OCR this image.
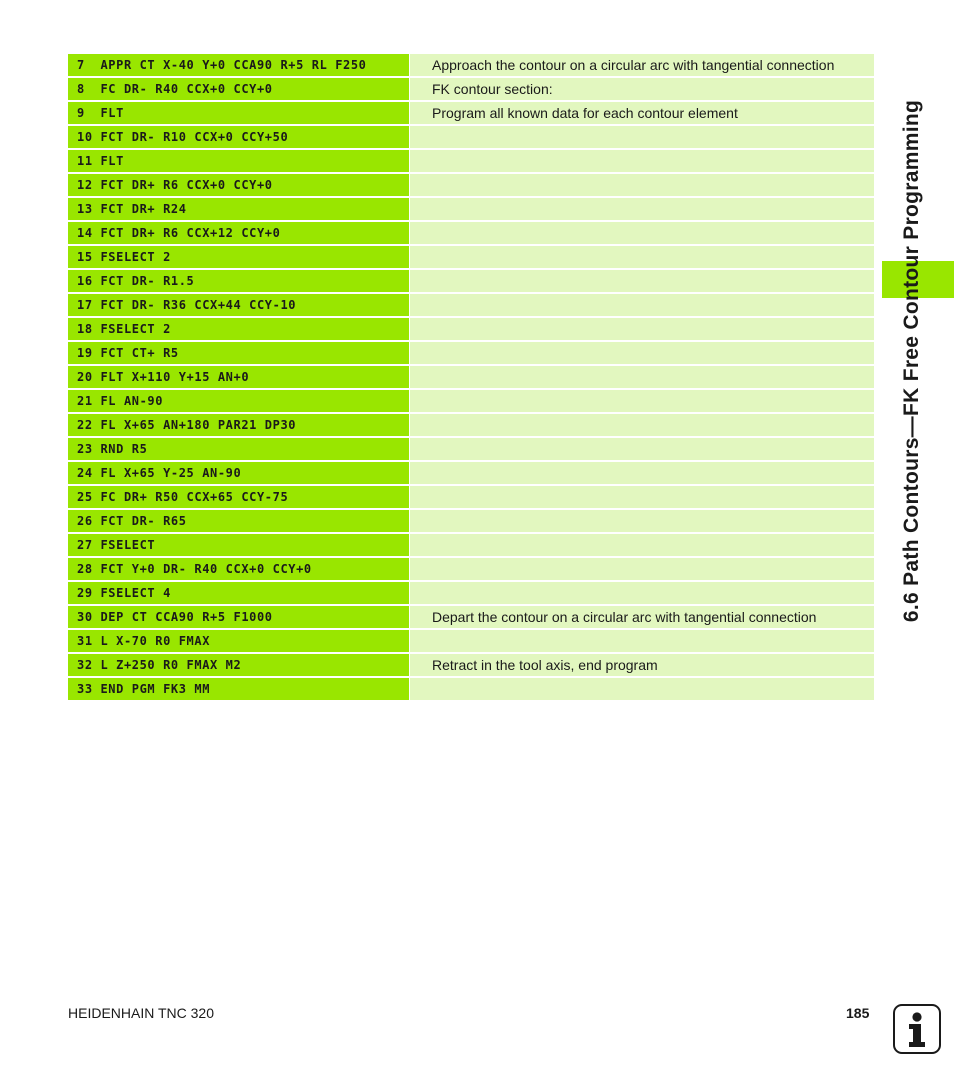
7  APPR CT X-40 Y+0 CCA90 R+5 RL F250	Approach the contour on a circular arc with tangential connection
8  FC DR- R40 CCX+0 CCY+0	FK contour section:
9  FLT	Program all known data for each contour element
10 FCT DR- R10 CCX+0 CCY+50
11 FLT
12 FCT DR+ R6 CCX+0 CCY+0
13 FCT DR+ R24
14 FCT DR+ R6 CCX+12 CCY+0
15 FSELECT 2
16 FCT DR- R1.5
17 FCT DR- R36 CCX+44 CCY-10
18 FSELECT 2
19 FCT CT+ R5
20 FLT X+110 Y+15 AN+0
21 FL AN-90
22 FL X+65 AN+180 PAR21 DP30
23 RND R5
24 FL X+65 Y-25 AN-90
25 FC DR+ R50 CCX+65 CCY-75
26 FCT DR- R65
27 FSELECT
28 FCT Y+0 DR- R40 CCX+0 CCY+0
29 FSELECT 4
30 DEP CT CCA90 R+5 F1000	Depart the contour on a circular arc with tangential connection
31 L X-70 R0 FMAX
32 L Z+250 R0 FMAX M2	Retract in the tool axis, end program
33 END PGM FK3 MM
6.6 Path Contours—FK Free Contour Programming
HEIDENHAIN TNC 320	185
